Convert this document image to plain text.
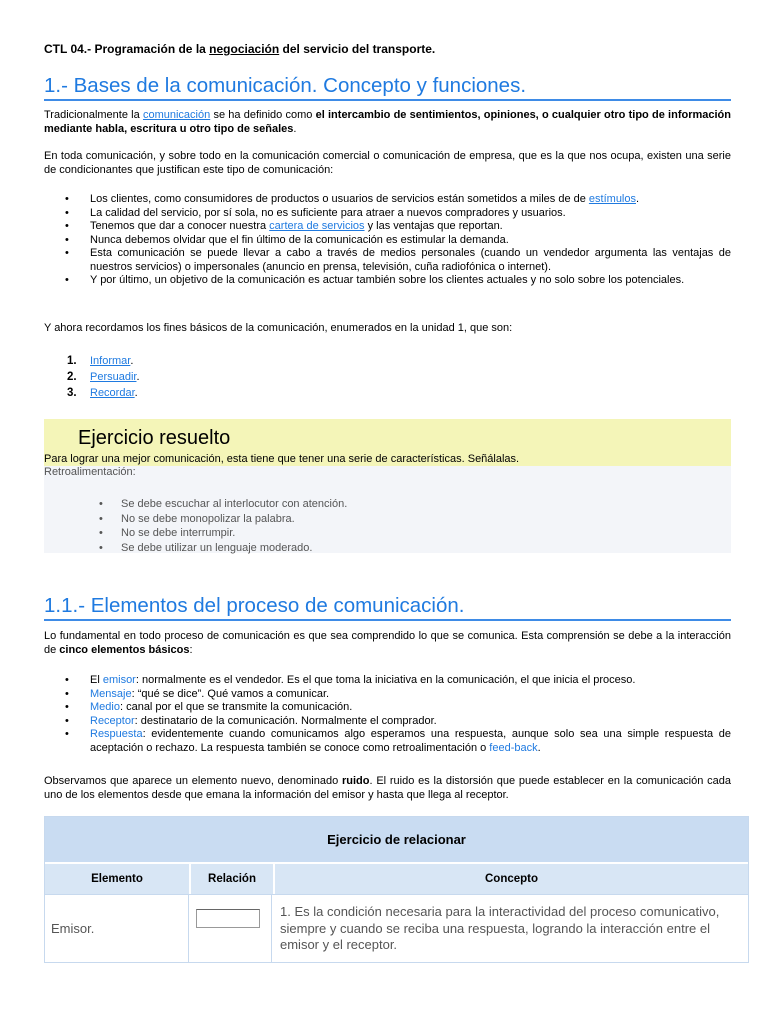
CTL 04.- Programación de la negociación del servicio del transporte.
1.- Bases de la comunicación. Concepto y funciones.

Tradicionalmente la comunicación se ha definido como el intercambio de sentimientos, opiniones, o cualquier otro tipo de información mediante habla, escritura u otro tipo de señales.

En toda comunicación, y sobre todo en la comunicación comercial o comunicación de empresa, que es la que nos ocupa, existen una serie de condicionantes que justifican este tipo de comunicación:

• Los clientes, como consumidores de productos o usuarios de servicios están sometidos a miles de de estímulos.
• La calidad del servicio, por sí sola, no es suficiente para atraer a nuevos compradores y usuarios.
• Tenemos que dar a conocer nuestra cartera de servicios y las ventajas que reportan.
• Nunca debemos olvidar que el fin último de la comunicación es estimular la demanda.
• Esta comunicación se puede llevar a cabo a través de medios personales (cuando un vendedor argumenta las ventajas de nuestros servicios) o impersonales (anuncio en prensa, televisión, cuña radiofónica o internet).
• Y por último, un objetivo de la comunicación es actuar también sobre los clientes actuales y no solo sobre los potenciales.

Y ahora recordamos los fines básicos de la comunicación, enumerados en la unidad 1, que son:

1. Informar.
2. Persuadir.
3. Recordar.
Ejercicio resuelto
Para lograr una mejor comunicación, esta tiene que tener una serie de características. Señálalas.
Retroalimentación:
• Se debe escuchar al interlocutor con atención.
• No se debe monopolizar la palabra.
• No se debe interrumpir.
• Se debe utilizar un lenguaje moderado.
1.1.- Elementos del proceso de comunicación.

Lo fundamental en todo proceso de comunicación es que sea comprendido lo que se comunica. Esta comprensión se debe a la interacción de cinco elementos básicos:

• El emisor: normalmente es el vendedor. Es el que toma la iniciativa en la comunicación, el que inicia el proceso.
• Mensaje: “qué se dice”. Qué vamos a comunicar.
• Medio: canal por el que se transmite la comunicación.
• Receptor: destinatario de la comunicación. Normalmente el comprador.
• Respuesta: evidentemente cuando comunicamos algo esperamos una respuesta, aunque solo sea una simple respuesta de aceptación o rechazo. La respuesta también se conoce como retroalimentación o feed-back.

Observamos que aparece un elemento nuevo, denominado ruido. El ruido es la distorsión que puede establecer en la comunicación cada uno de los elementos desde que emana la información del emisor y hasta que llega al receptor.

Ejercicio de relacionar
Elemento	Relación	Concepto
Emisor.
1. Es la condición necesaria para la interactividad del proceso comunicativo, siempre y cuando se reciba una respuesta, logrando la interacción entre el emisor y el receptor.
